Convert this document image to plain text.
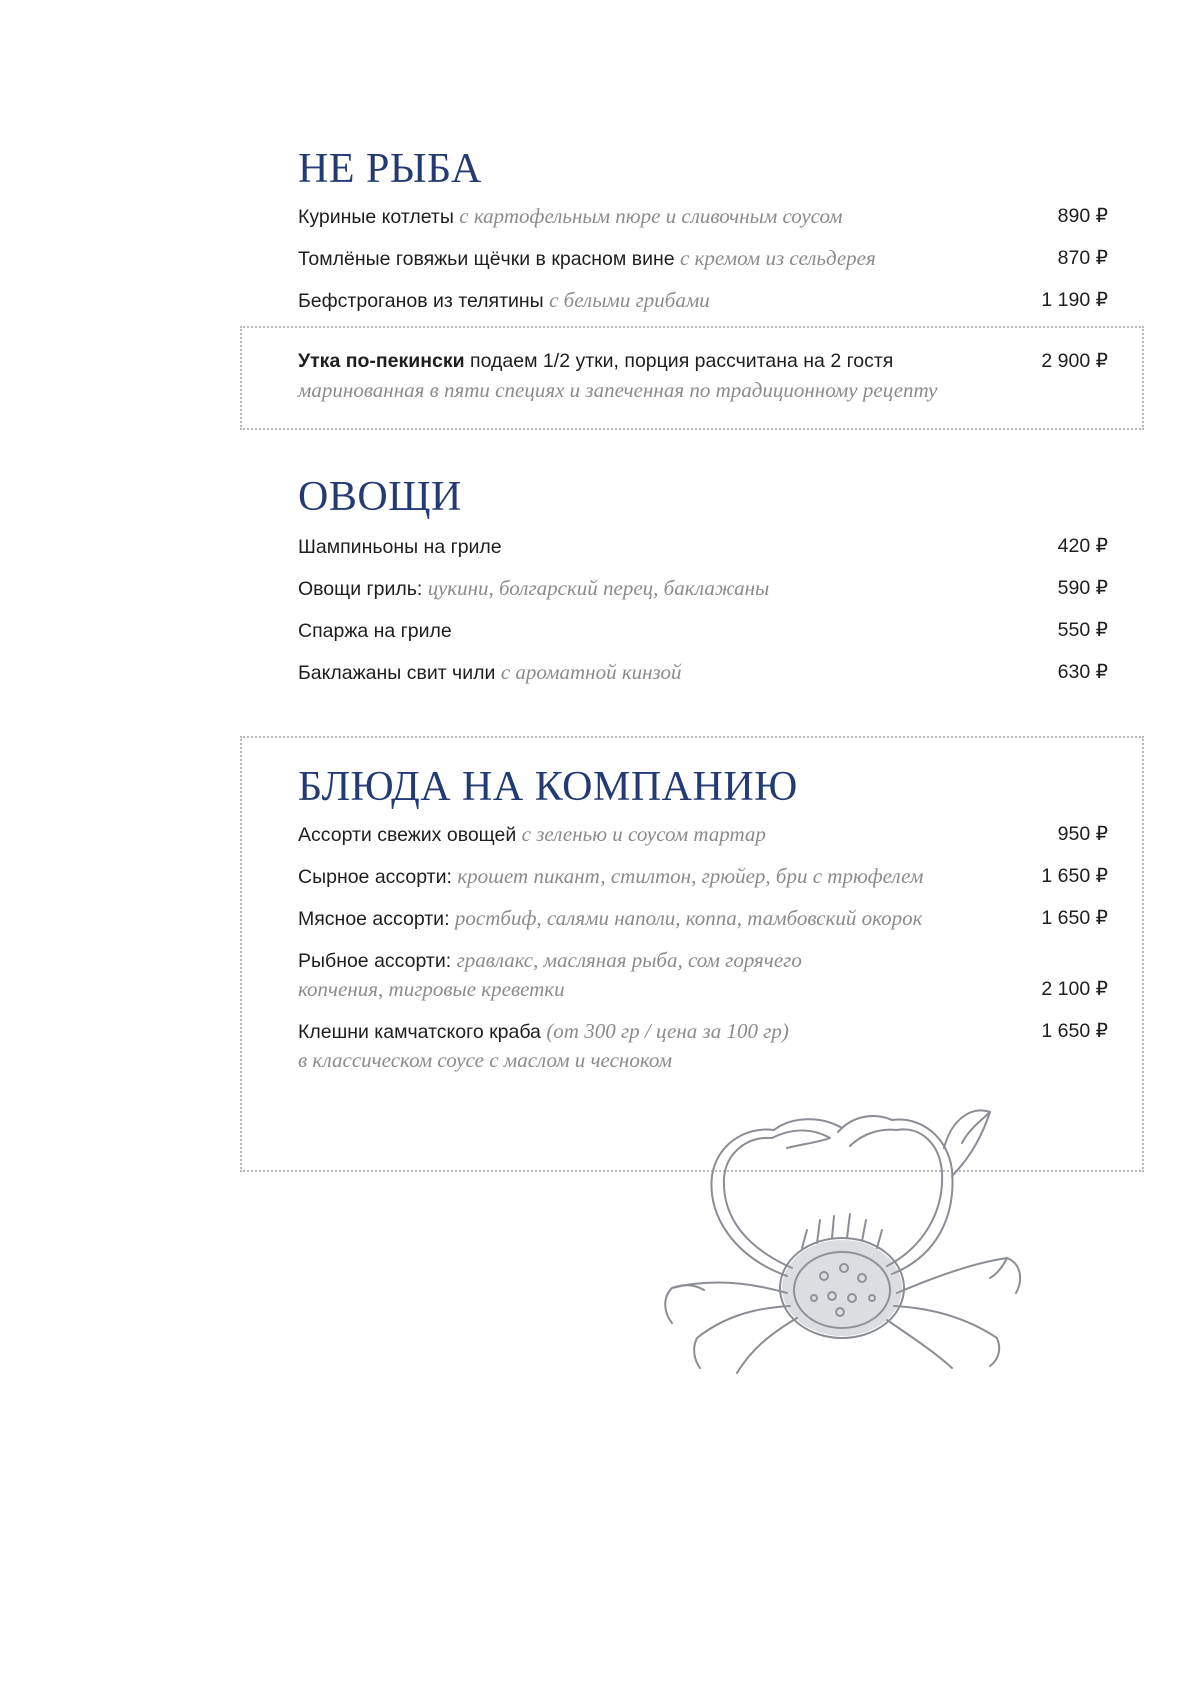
НЕ РЫБА
Куриные котлеты с картофельным пюре и сливочным соусом	890 ₽
Томлёные говяжьи щёчки в красном вине с кремом из сельдерея	870 ₽
Бефстроганов из телятины с белыми грибами	1 190 ₽
Утка по-пекински подаем 1/2 утки, порция рассчитана на 2 гостя	2 900 ₽
маринованная в пяти специях и запеченная по традиционному рецепту
ОВОЩИ
Шампиньоны на гриле	420 ₽
Овощи гриль: цукини, болгарский перец, баклажаны	590 ₽
Спаржа на гриле	550 ₽
Баклажаны свит чили с ароматной кинзой	630 ₽
БЛЮДА НА КОМПАНИЮ
Ассорти свежих овощей с зеленью и соусом тартар	950 ₽
Сырное ассорти: крошет пикант, стилтон, грюйер, бри с трюфелем	1 650 ₽
Мясное ассорти: ростбиф, салями наполи, коппа, тамбовский окорок	1 650 ₽
Рыбное ассорти: гравлакс, масляная рыба, сом горячего
копчения, тигровые креветки	2 100 ₽
Клешни камчатского краба (от 300 гр / цена за 100 гр)	1 650 ₽
в классическом соусе с маслом и чесноком
